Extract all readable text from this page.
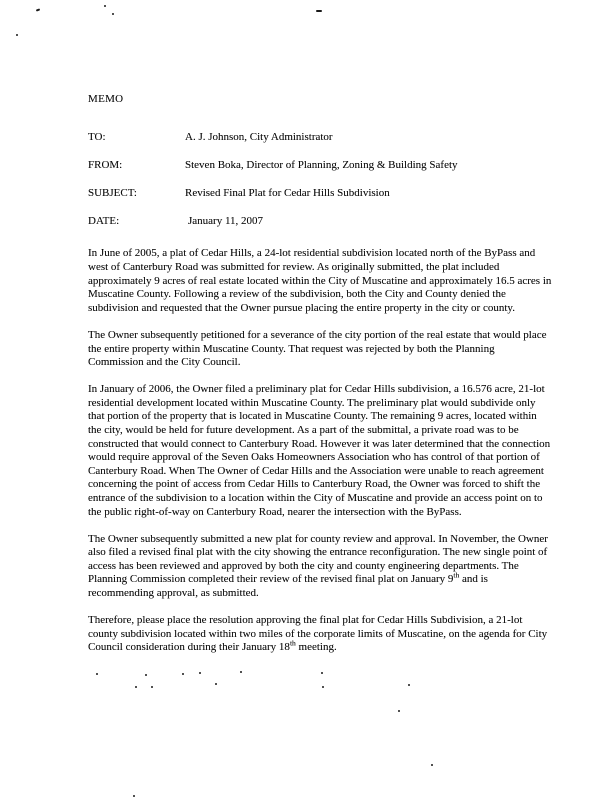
MEMO

TO:	A. J. Johnson, City Administrator
FROM:	Steven Boka, Director of Planning, Zoning & Building Safety
SUBJECT:	Revised Final Plat for Cedar Hills Subdivision
DATE:	January 11, 2007

In June of 2005, a plat of Cedar Hills, a 24-lot residential subdivision located north of the ByPass and west of Canterbury Road was submitted for review. As originally submitted, the plat included approximately 9 acres of real estate located within the City of Muscatine and approximately 16.5 acres in Muscatine County. Following a review of the subdivision, both the City and County denied the subdivision and requested that the Owner pursue placing the entire property in the city or county.

The Owner subsequently petitioned for a severance of the city portion of the real estate that would place the entire property within Muscatine County. That request was rejected by both the Planning Commission and the City Council.

In January of 2006, the Owner filed a preliminary plat for Cedar Hills subdivision, a 16.576 acre, 21-lot residential development located within Muscatine County. The preliminary plat would subdivide only that portion of the property that is located in Muscatine County. The remaining 9 acres, located within the city, would be held for future development. As a part of the submittal, a private road was to be constructed that would connect to Canterbury Road. However it was later determined that the connection would require approval of the Seven Oaks Homeowners Association who has control of that portion of Canterbury Road. When The Owner of Cedar Hills and the Association were unable to reach agreement concerning the point of access from Cedar Hills to Canterbury Road, the Owner was forced to shift the entrance of the subdivision to a location within the City of Muscatine and provide an access point on to the public right-of-way on Canterbury Road, nearer the intersection with the ByPass.

The Owner subsequently submitted a new plat for county review and approval. In November, the Owner also filed a revised final plat with the city showing the entrance reconfiguration. The new single point of access has been reviewed and approved by both the city and county engineering departments. The Planning Commission completed their review of the revised final plat on January 9th and is recommending approval, as submitted.

Therefore, please place the resolution approving the final plat for Cedar Hills Subdivision, a 21-lot county subdivision located within two miles of the corporate limits of Muscatine, on the agenda for City Council consideration during their January 18th meeting.
